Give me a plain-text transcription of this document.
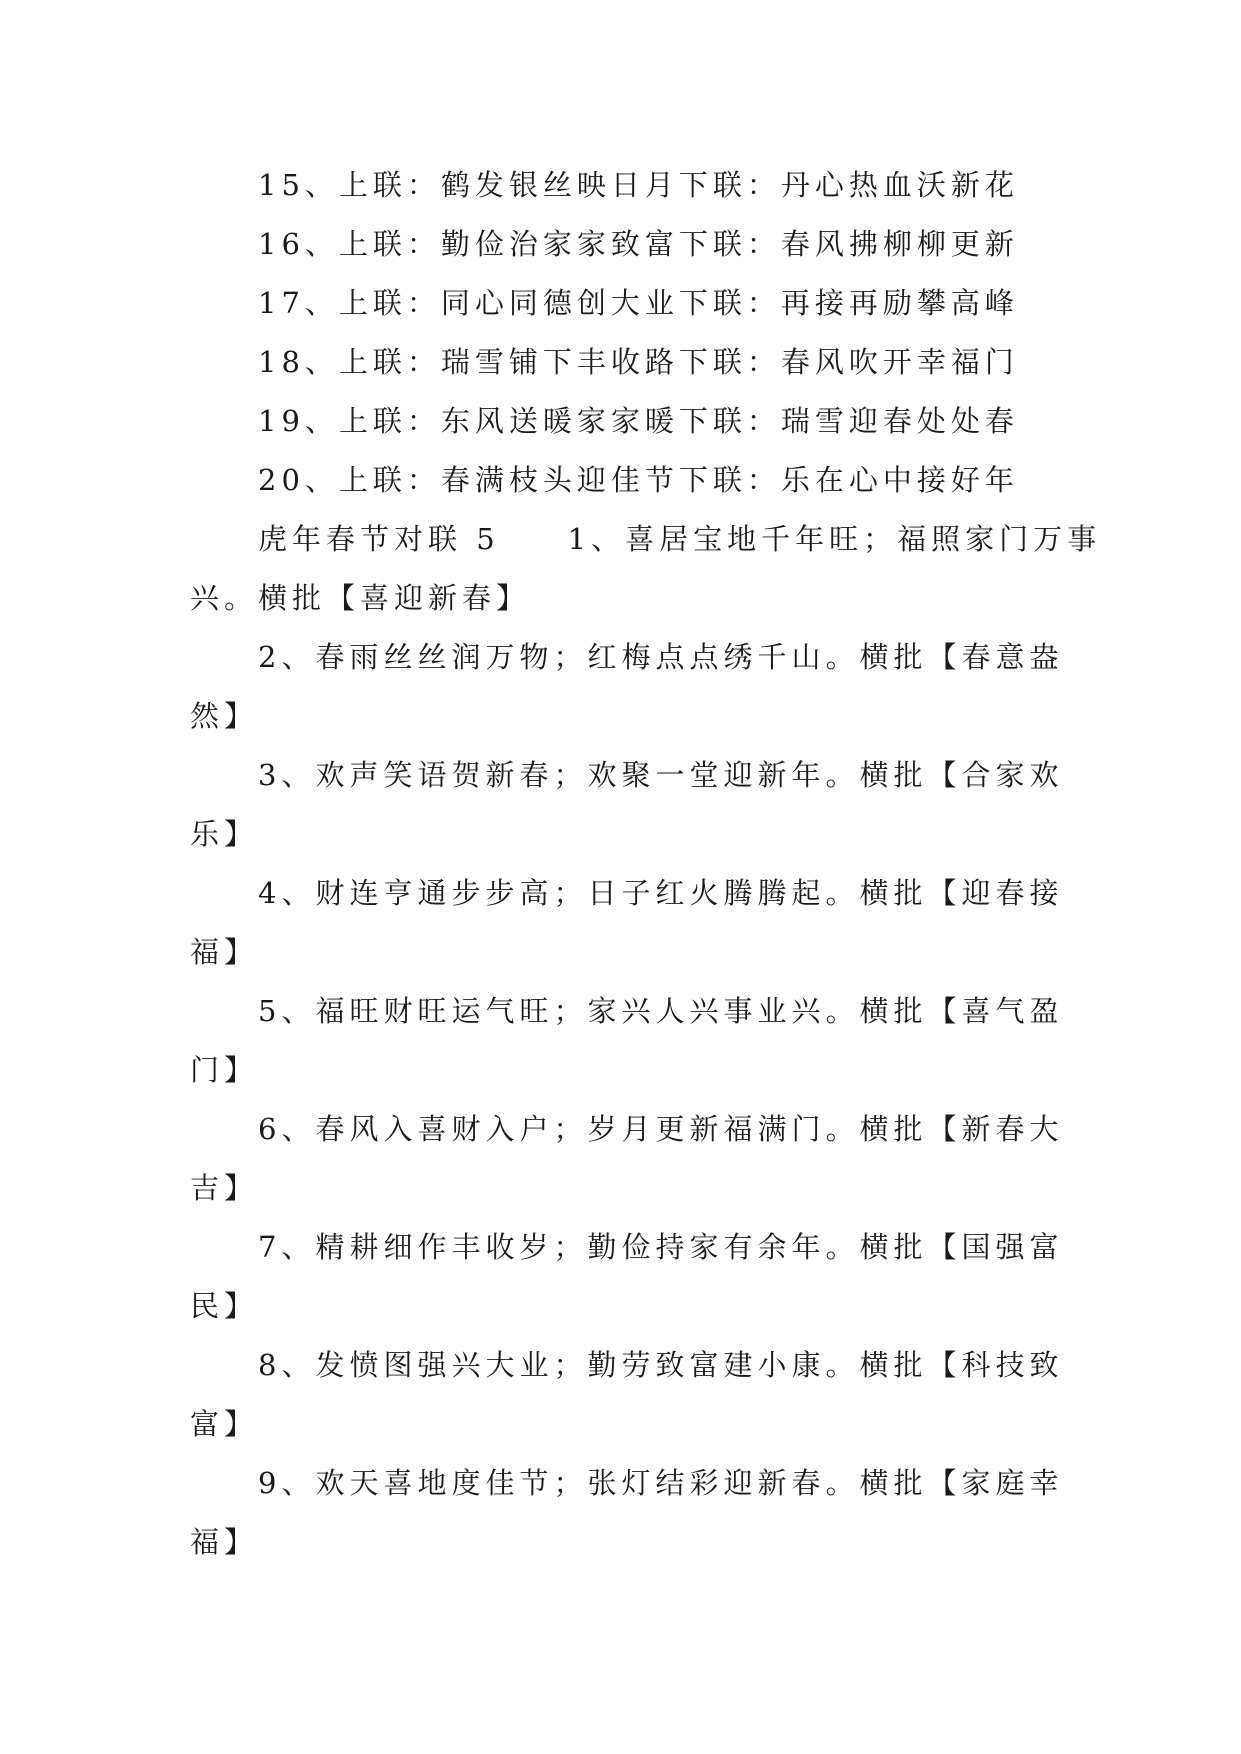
15、上联：鹤发银丝映日月下联：丹心热血沃新花

16、上联：勤俭治家家致富下联：春风拂柳柳更新

17、上联：同心同德创大业下联：再接再励攀高峰

18、上联：瑞雪铺下丰收路下联：春风吹开幸福门

19、上联：东风送暖家家暖下联：瑞雪迎春处处春

20、上联：春满枝头迎佳节下联：乐在心中接好年

虎年春节对联 5　　1、喜居宝地千年旺；福照家门万事

兴。横批【喜迎新春】

2、春雨丝丝润万物；红梅点点绣千山。横批【春意盎

然】

3、欢声笑语贺新春；欢聚一堂迎新年。横批【合家欢

乐】

4、财连亨通步步高；日子红火腾腾起。横批【迎春接

福】

5、福旺财旺运气旺；家兴人兴事业兴。横批【喜气盈

门】

6、春风入喜财入户；岁月更新福满门。横批【新春大

吉】

7、精耕细作丰收岁；勤俭持家有余年。横批【国强富

民】

8、发愤图强兴大业；勤劳致富建小康。横批【科技致

富】

9、欢天喜地度佳节；张灯结彩迎新春。横批【家庭幸

福】
